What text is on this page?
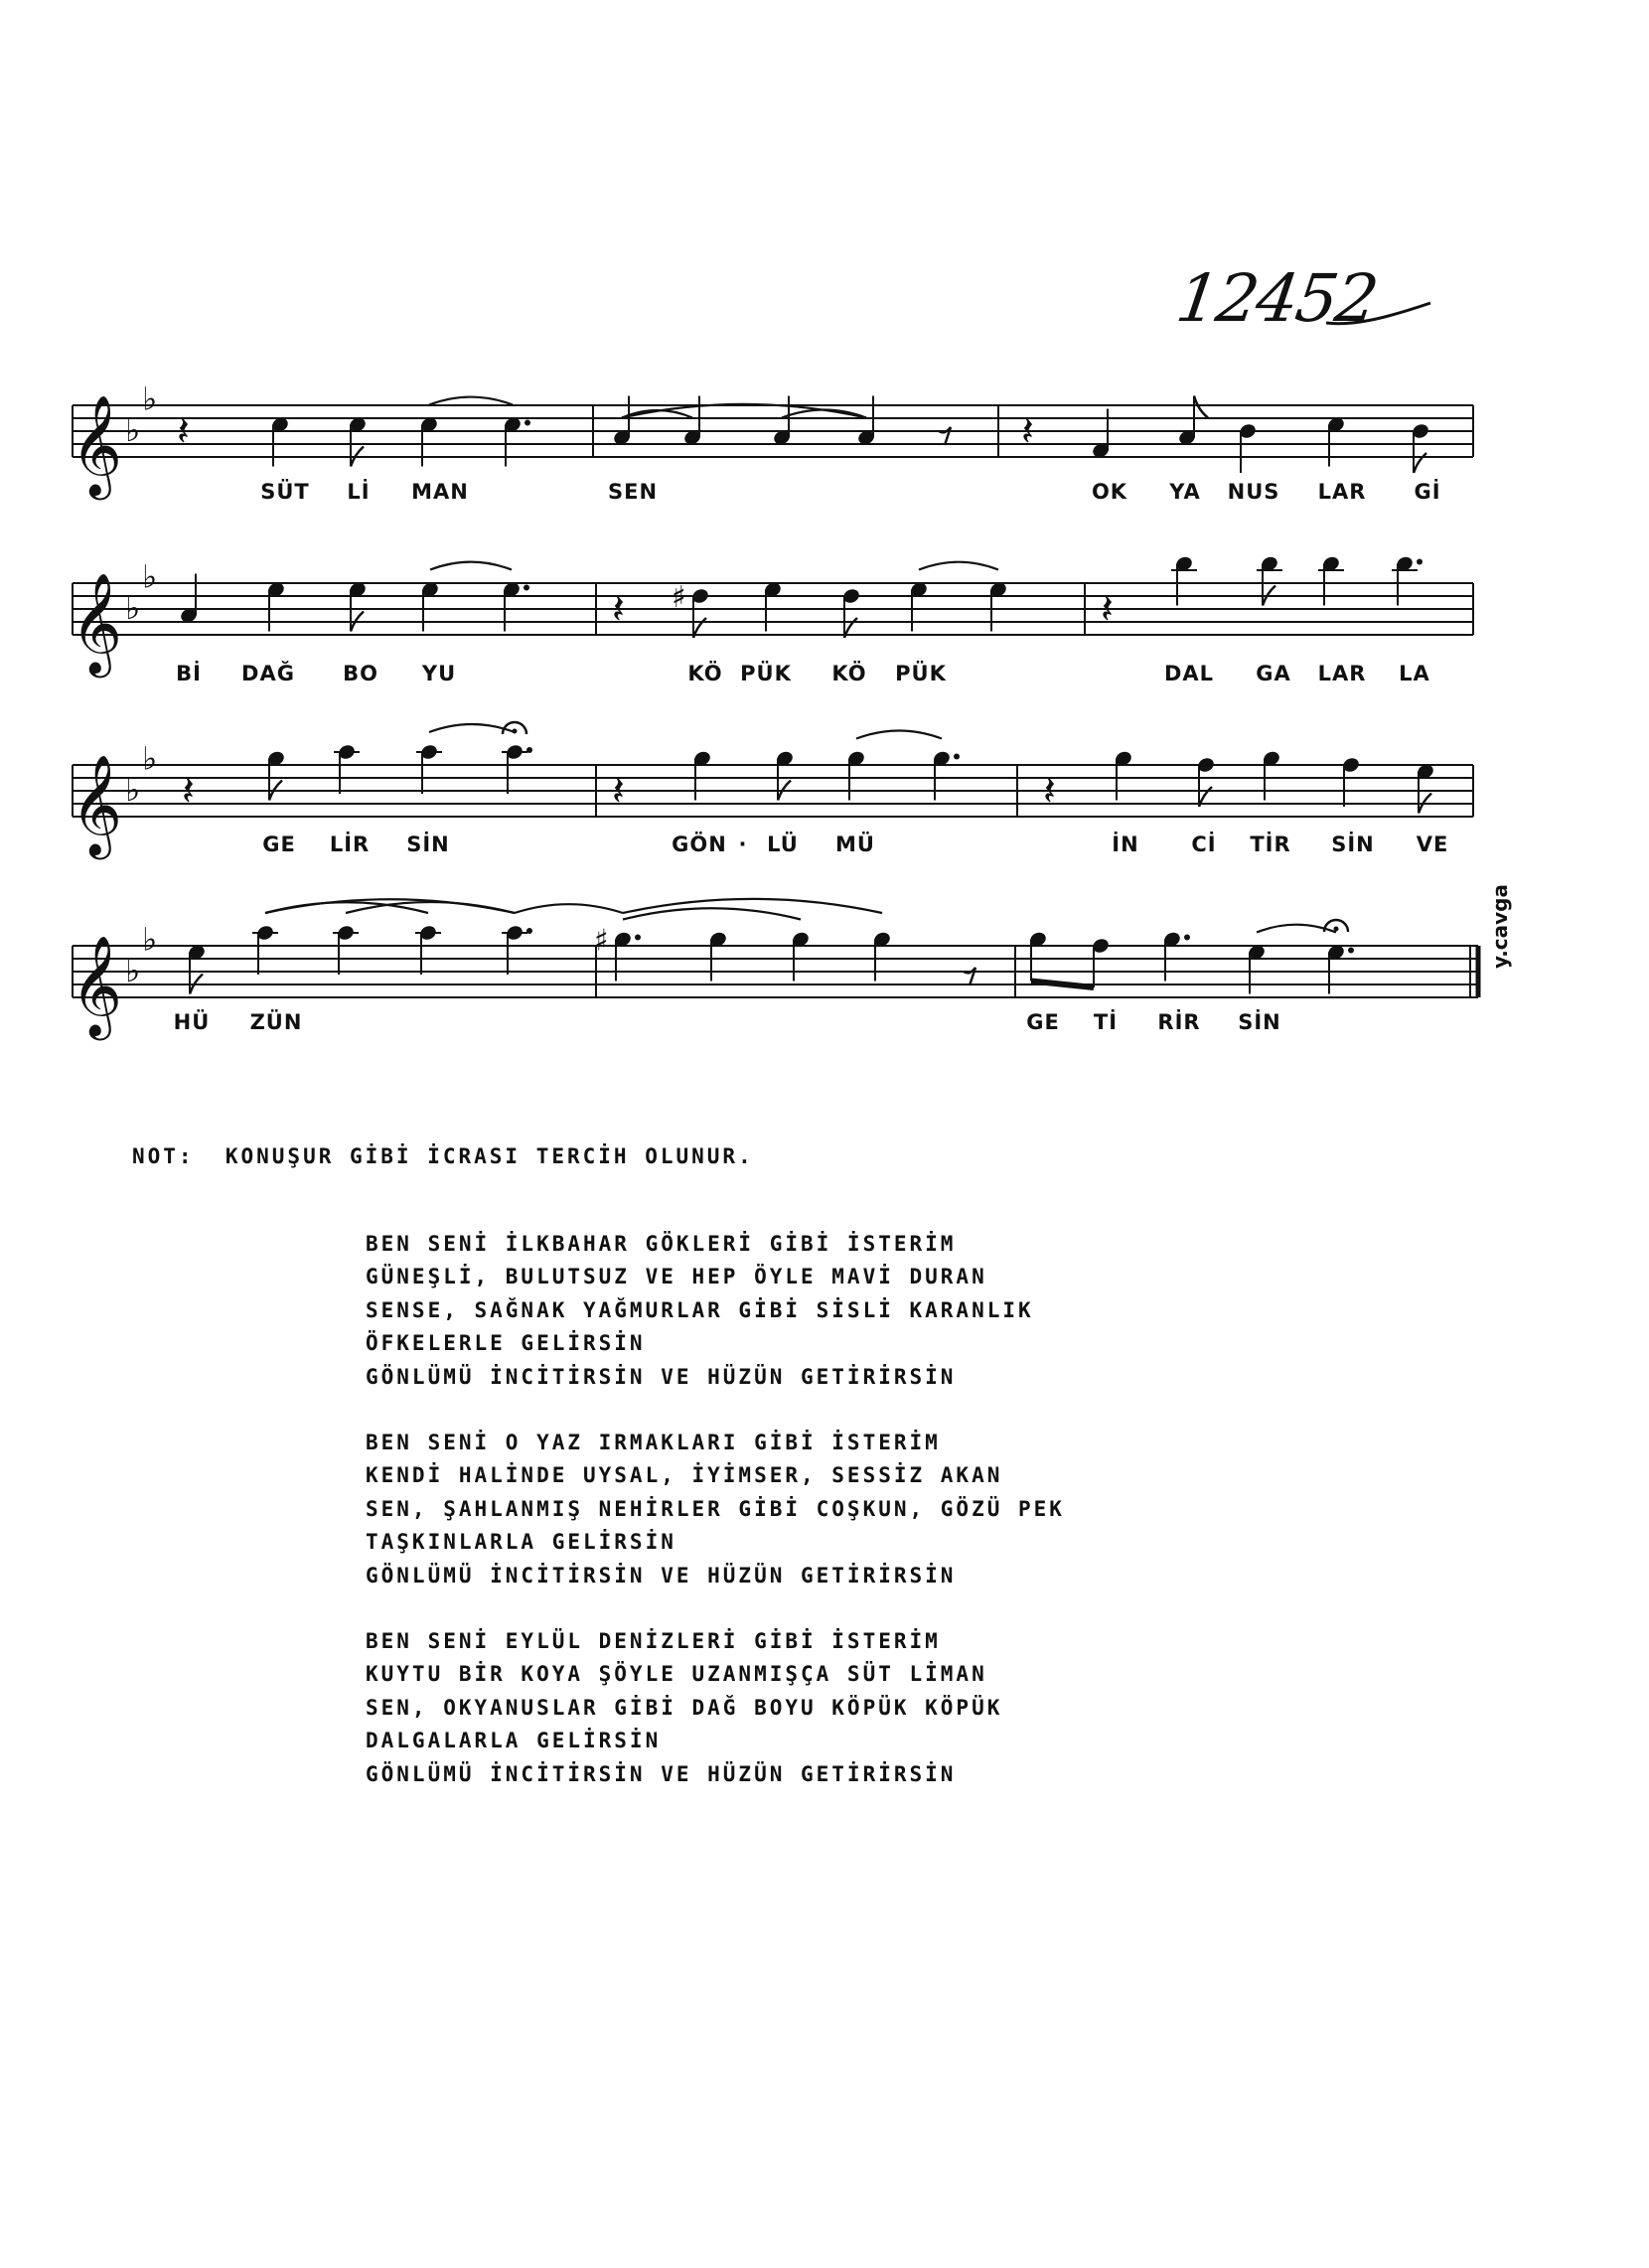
12452
𝄞 ♭
♭
𝄽	𝄽
𝄞 ♭
♭
𝄽 ♯	𝄽
𝄞 ♭
♭
𝄽	𝄽	𝄽
𝄞 ♭
♭	♯
SÜT Lİ MAN	SEN	OK YA NUS LAR Gİ
Bİ DAĞ BO YU	KÖ PÜK KÖ PÜK	DAL GA LAR LA
GE LİR SİN	GÖN · LÜ MÜ	İN	Cİ TİR SİN VE
HÜ ZÜN	GE Tİ RİR SİN
y.cavga
NOT:  KONUŞUR GİBİ İCRASI TERCİH OLUNUR.
BEN SENİ İLKBAHAR GÖKLERİ GİBİ İSTERİM
GÜNEŞLİ, BULUTSUZ VE HEP ÖYLE MAVİ DURAN
SENSE, SAĞNAK YAĞMURLAR GİBİ SİSLİ KARANLIK
ÖFKELERLE GELİRSİN
GÖNLÜMÜ İNCİTİRSİN VE HÜZÜN GETİRİRSİN
BEN SENİ O YAZ IRMAKLARI GİBİ İSTERİM
KENDİ HALİNDE UYSAL, İYİMSER, SESSİZ AKAN
SEN, ŞAHLANMIŞ NEHİRLER GİBİ COŞKUN, GÖZÜ PEK
TAŞKINLARLA GELİRSİN
GÖNLÜMÜ İNCİTİRSİN VE HÜZÜN GETİRİRSİN
BEN SENİ EYLÜL DENİZLERİ GİBİ İSTERİM
KUYTU BİR KOYA ŞÖYLE UZANMIŞÇA SÜT LİMAN
SEN, OKYANUSLAR GİBİ DAĞ BOYU KÖPÜK KÖPÜK
DALGALARLA GELİRSİN
GÖNLÜMÜ İNCİTİRSİN VE HÜZÜN GETİRİRSİN
